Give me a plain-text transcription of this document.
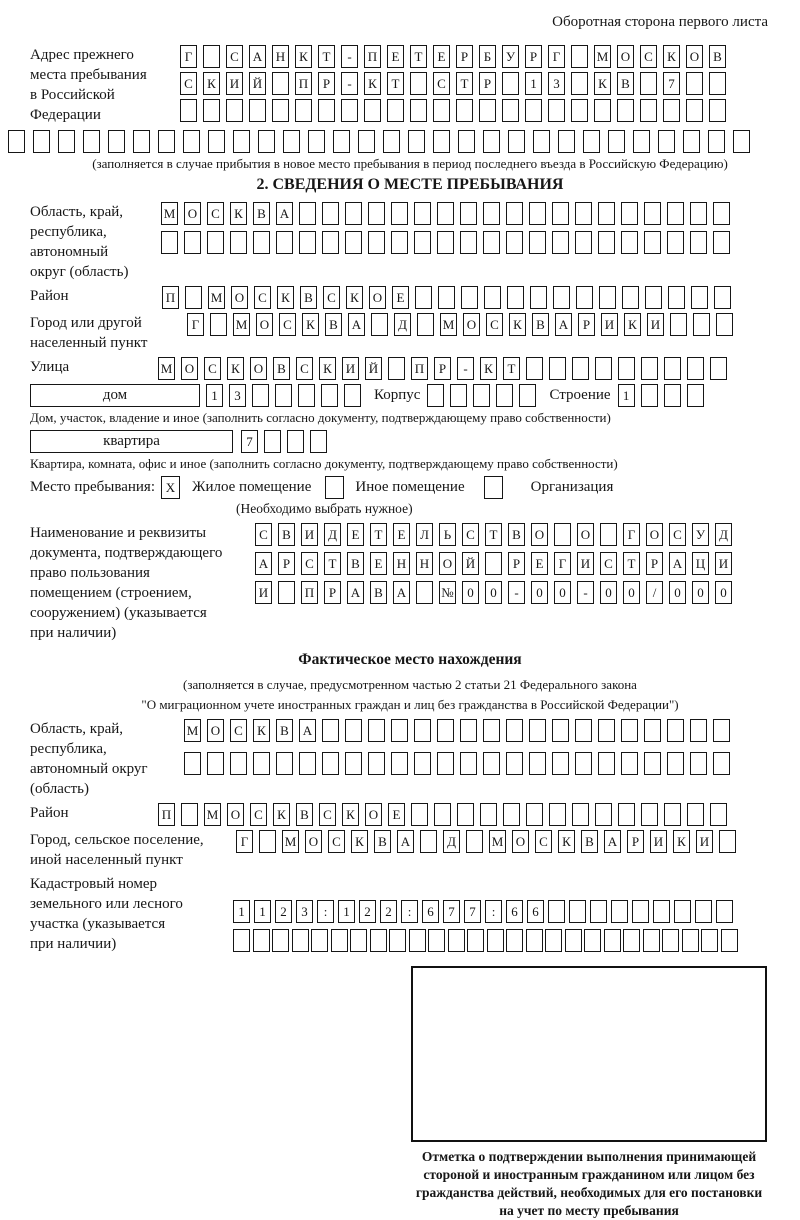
Оборотная сторона первого листа
Адрес прежнего
места пребывания
в Российской
Федерации
Г	С	А Н	К	Т	-	П	Е	Т	Е	Р	Б	У	Р	Г	М О	С	К	О	В
С	К	И Й	П	Р	-	К	Т	С	Т	Р	1	3	К	В	7
(заполняется в случае прибытия в новое место пребывания в период последнего въезда в Российскую Федерацию)
2. СВЕДЕНИЯ О МЕСТЕ ПРЕБЫВАНИЯ
Область, край,
республика,
автономный
округ (область)
М О	С	К	В	А
Район	П	М О	С	К	В	С	К	О	Е
Город или другой
населенный пункт
Г	М О	С	К	В	А	Д	М О	С	К	В	А	Р	И	К	И
Улица	М О	С	К	О	В	С	К	И Й	П	Р	-	К	Т
дом	1	3	Корпус	Строение 1
Дом, участок, владение и иное (заполнить согласно документу, подтверждающему право собственности)
квартира	7
Квартира, комната, офис и иное (заполнить согласно документу, подтверждающему право собственности)
Место пребывания: X	Жилое помещение	Иное помещение	Организация
(Необходимо выбрать нужное)
Наименование и реквизиты
документа, подтверждающего
право пользования
помещением (строением,
сооружением) (указывается
при наличии)
С	В	И	Д	Е	Т	Е	Л	Ь	С	Т	В	О	О	Г	О	С	У	Д
А	Р	С	Т	В	Е	Н Н О Й	Р	Е	Г	И	С	Т	Р	А Ц И
И	П	Р	А	В	А	№	0	0	-	0	0	-	0	0	/	0	0	0
Фактическое место нахождения
(заполняется в случае, предусмотренном частью 2 статьи 21 Федерального закона
"О миграционном учете иностранных граждан и лиц без гражданства в Российской Федерации")
Область, край,
республика,
автономный округ
(область)
М О	С	К	В	А
Район	П	М О	С	К	В	С	К	О	Е
Город, сельское поселение,
иной населенный пункт
Г	М О	С	К	В	А	Д	М О	С	К	В	А	Р	И	К	И
Кадастровый номер
земельного или лесного
участка (указывается
при наличии)
1	1	2	3	:	1	2	2	:	6	7	7	:	6	6
Отметка о подтверждении выполнения принимающей
стороной и иностранным гражданином или лицом без
гражданства действий, необходимых для его постановки
на учет по месту пребывания
